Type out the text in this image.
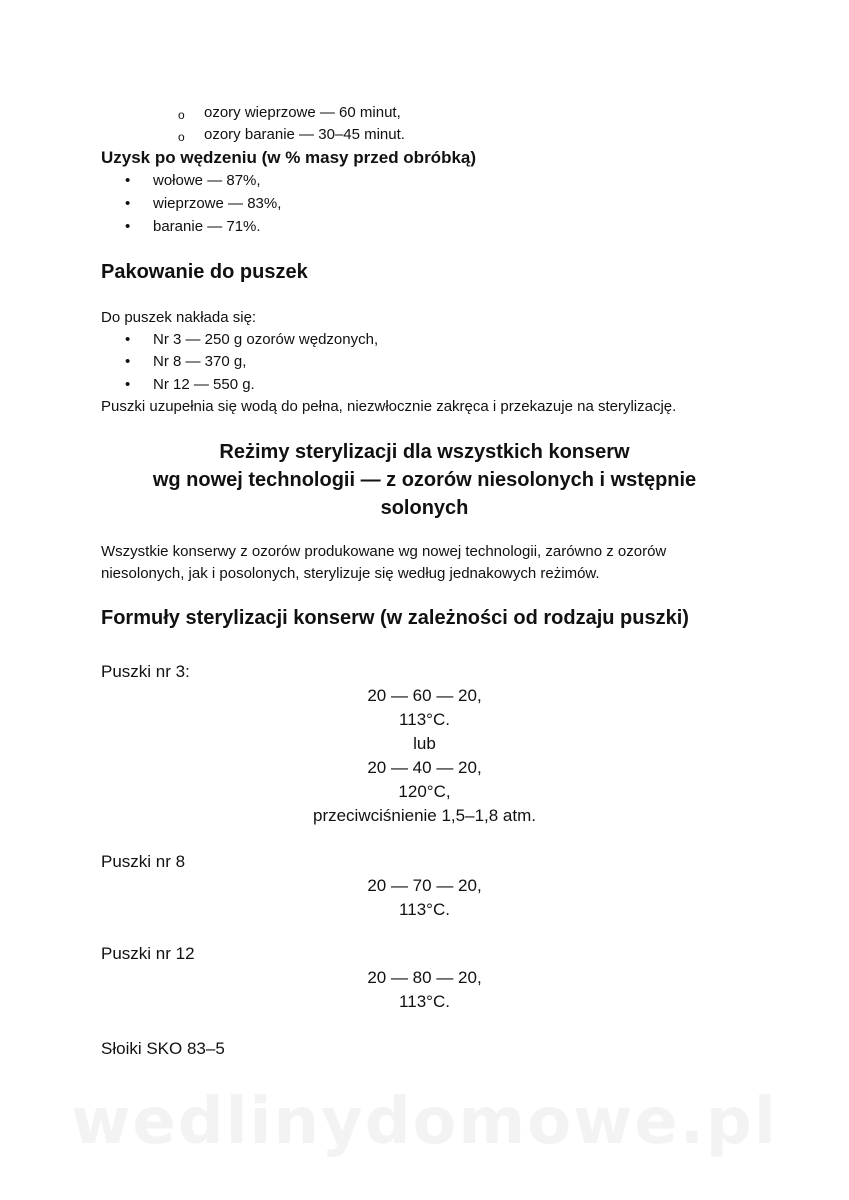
o ozory wieprzowe — 60 minut,
o ozory baranie — 30–45 minut.
Uzysk po wędzeniu (w % masy przed obróbką)
• wołowe — 87%,
• wieprzowe — 83%,
• baranie — 71%.
Pakowanie do puszek
Do puszek nakłada się:
• Nr 3 — 250 g ozorów wędzonych,
• Nr 8 — 370 g,
• Nr 12 — 550 g.
Puszki uzupełnia się wodą do pełna, niezwłocznie zakręca i przekazuje na sterylizację.
Reżimy sterylizacji dla wszystkich konserw
wg nowej technologii — z ozorów niesolonych i wstępnie
solonych
Wszystkie konserwy z ozorów produkowane wg nowej technologii, zarówno z ozorów
niesolonych, jak i posolonych, sterylizuje się według jednakowych reżimów.
Formuły sterylizacji konserw (w zależności od rodzaju puszki)
Puszki nr 3:
20 — 60 — 20,
113°C.
lub
20 — 40 — 20,
120°C,
przeciwciśnienie 1,5–1,8 atm.
Puszki nr 8
20 — 70 — 20,
113°C.
Puszki nr 12
20 — 80 — 20,
113°C.
Słoiki SKO 83–5
wedlinydomowe.pl
